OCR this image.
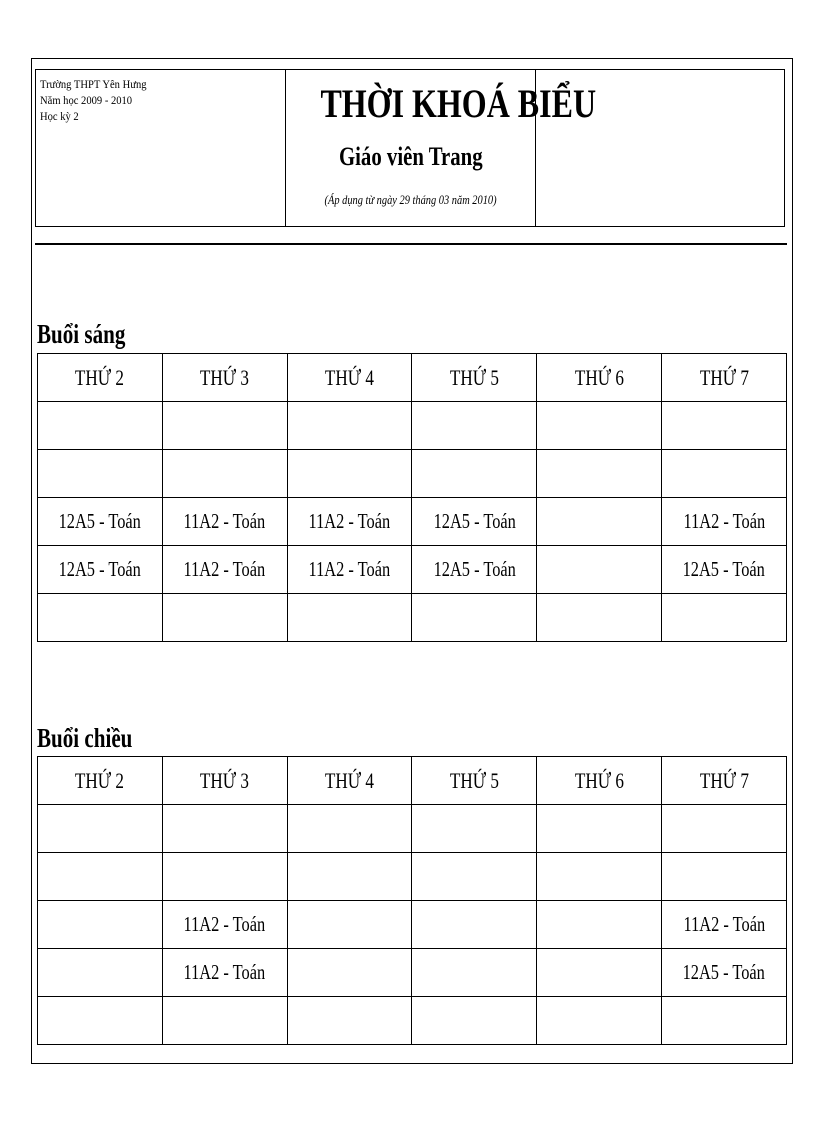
Trường THPT Yên Hưng
Năm học 2009 - 2010
Học kỳ 2	THỜI KHOÁ BIỂU
Giáo viên Trang
(Áp dụng từ ngày 29 tháng 03 năm 2010)
Buổi sáng
THỨ 2	THỨ 3	THỨ 4	THỨ 5	THỨ 6	THỨ 7

12A5 - Toán	11A2 - Toán	11A2 - Toán	12A5 - Toán		11A2 - Toán
12A5 - Toán	11A2 - Toán	11A2 - Toán	12A5 - Toán		12A5 - Toán

Buổi chiều
THỨ 2	THỨ 3	THỨ 4	THỨ 5	THỨ 6	THỨ 7

	11A2 - Toán				11A2 - Toán
	11A2 - Toán				12A5 - Toán
